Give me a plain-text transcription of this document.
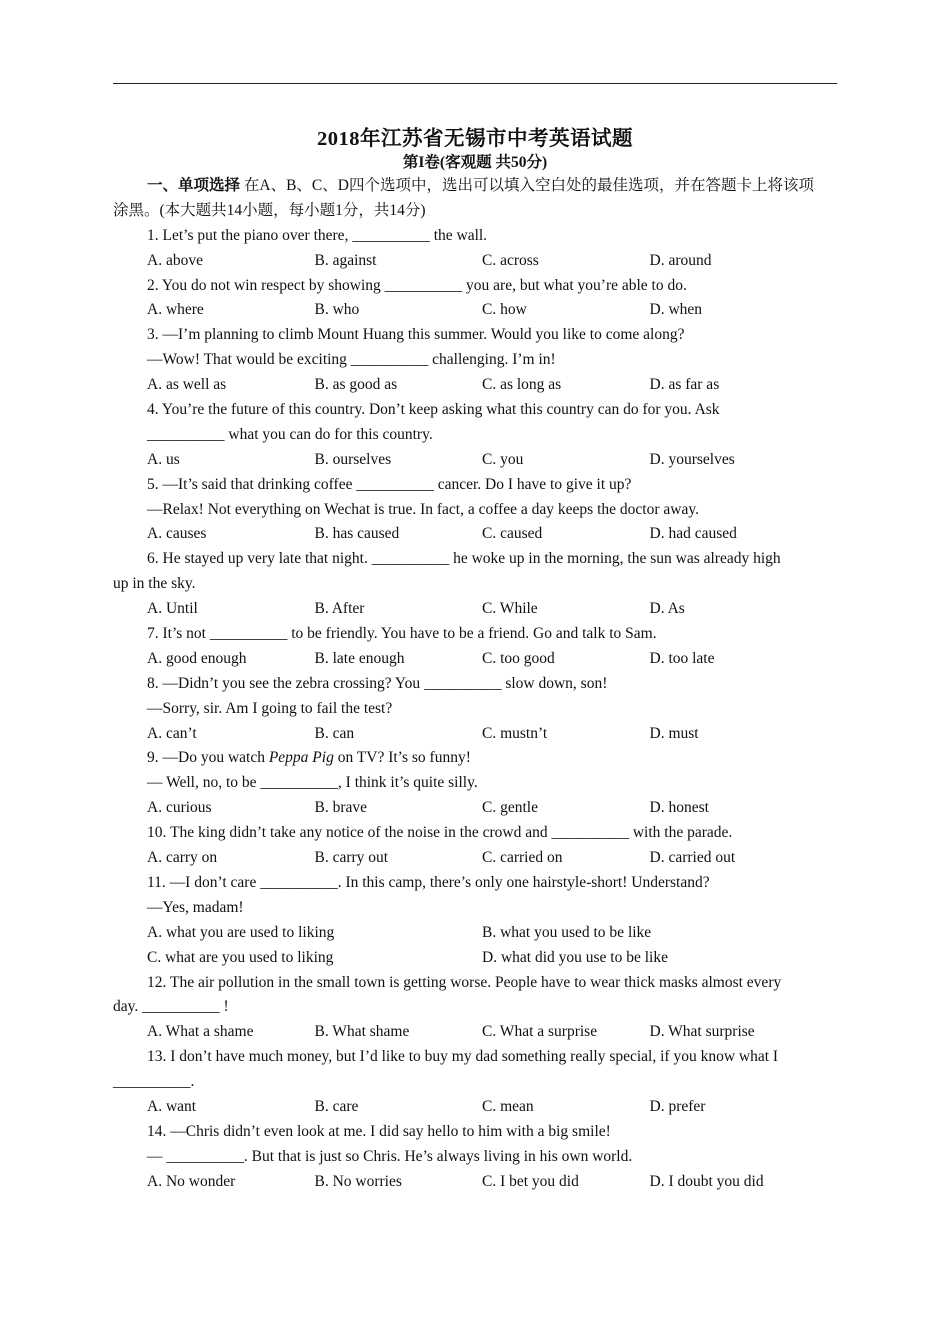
2018年江苏省无锡市中考英语试题
第I卷(客观题 共50分)
一、单项选择 在A、B、C、D四个选项中，选出可以填入空白处的最佳选项，并在答题卡上将该项
涂黑。(本大题共14小题，每小题1分，共14分)
1. Let’s put the piano over there, __________ the wall.
A. above	B. against	C. across	D. around
2. You do not win respect by showing __________ you are, but what you’re able to do.
A. where	B. who	C. how	D. when
3. —I’m planning to climb Mount Huang this summer. Would you like to come along?
—Wow! That would be exciting __________ challenging. I’m in!
A. as well as	B. as good as	C. as long as	D. as far as
4. You’re the future of this country. Don’t keep asking what this country can do for you. Ask
__________ what you can do for this country.
A. us	B. ourselves	C. you	D. yourselves
5. —It’s said that drinking coffee __________ cancer. Do I have to give it up?
—Relax! Not everything on Wechat is true. In fact, a coffee a day keeps the doctor away.
A. causes	B. has caused	C. caused	D. had caused
6. He stayed up very late that night. __________ he woke up in the morning, the sun was already high
up in the sky.
A. Until	B. After	C. While	D. As
7. It’s not __________ to be friendly. You have to be a friend. Go and talk to Sam.
A. good enough	B. late enough	C. too good	D. too late
8. —Didn’t you see the zebra crossing? You __________ slow down, son!
—Sorry, sir. Am I going to fail the test?
A. can’t	B. can	C. mustn’t	D. must
9. —Do you watch Peppa Pig on TV? It’s so funny!
— Well, no, to be __________, I think it’s quite silly.
A. curious	B. brave	C. gentle	D. honest
10. The king didn’t take any notice of the noise in the crowd and __________ with the parade.
A. carry on	B. carry out	C. carried on	D. carried out
11. —I don’t care __________. In this camp, there’s only one hairstyle-short! Understand?
—Yes, madam!
A. what you are used to liking	B. what you used to be like
C. what are you used to liking	D. what did you use to be like
12. The air pollution in the small town is getting worse. People have to wear thick masks almost every
day. __________ !
A. What a shame	B. What shame	C. What a surprise	D. What surprise
13. I don’t have much money, but I’d like to buy my dad something really special, if you know what I
__________.
A. want	B. care	C. mean	D. prefer
14. —Chris didn’t even look at me. I did say hello to him with a big smile!
— __________. But that is just so Chris. He’s always living in his own world.
A. No wonder	B. No worries	C. I bet you did	D. I doubt you did
